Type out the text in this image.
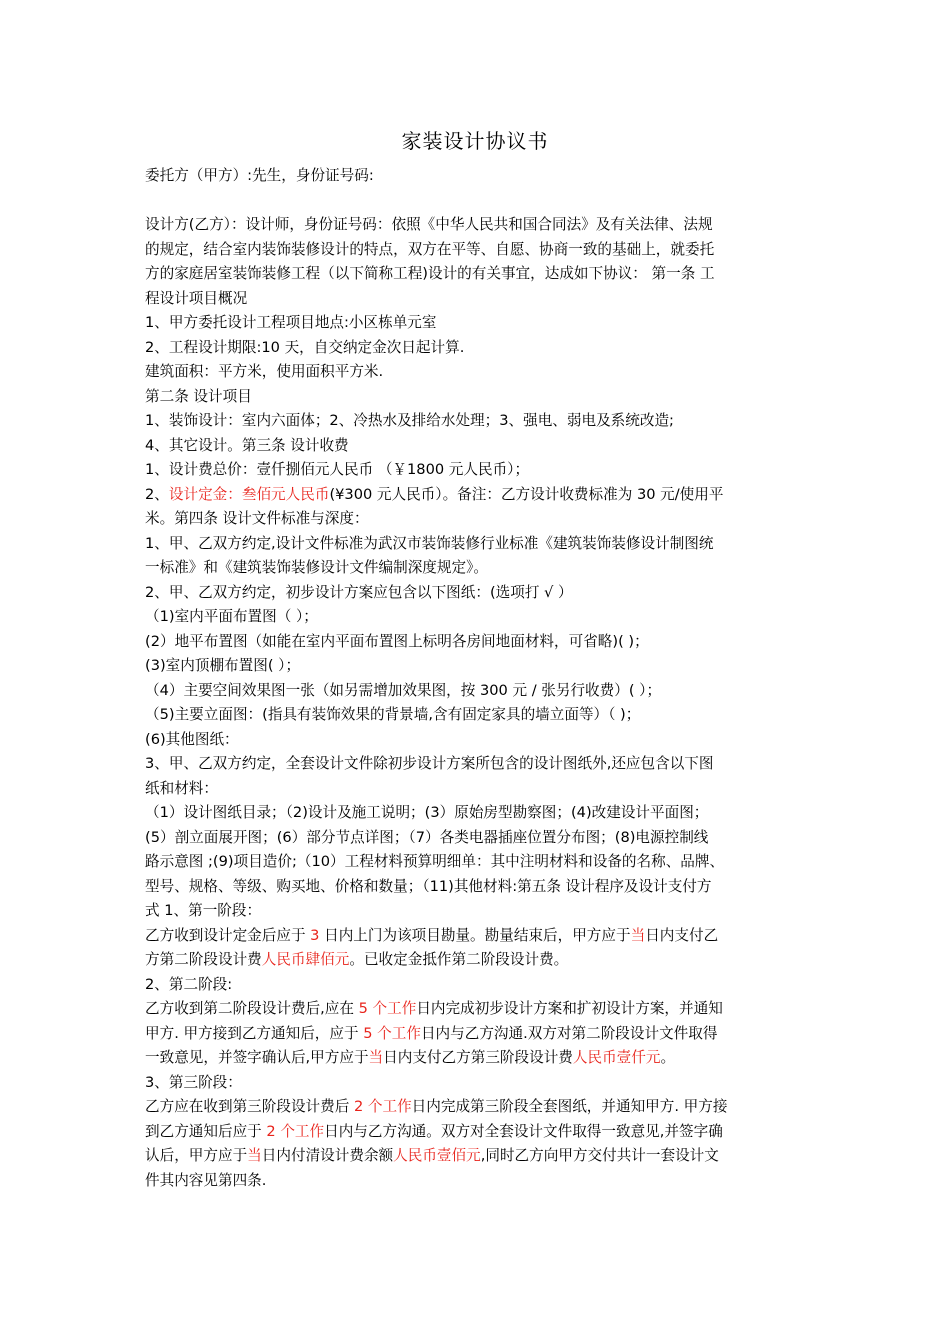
家装设计协议书
委托方（甲方）:先生，身份证号码:
设计方(乙方）：设计师，身份证号码：依照《中华人民共和国合同法》及有关法律、法规
的规定，结合室内装饰装修设计的特点，双方在平等、自愿、协商一致的基础上，就委托
方的家庭居室装饰装修工程（以下简称工程)设计的有关事宜，达成如下协议： 第一条 工
程设计项目概况
1、甲方委托设计工程项目地点:小区栋单元室
2、工程设计期限:10 天，自交纳定金次日起计算.
建筑面积：平方米，使用面积平方米.
第二条 设计项目
1、装饰设计：室内六面体；2、冷热水及排给水处理；3、强电、弱电及系统改造;
4、其它设计。第三条 设计收费
1、设计费总价：壹仟捌佰元人民币 （￥1800 元人民币）；
2、设计定金：叁佰元人民币(¥300 元人民币）。备注：乙方设计收费标准为 30 元/使用平
米。第四条 设计文件标准与深度：
1、甲、乙双方约定,设计文件标准为武汉市装饰装修行业标准《建筑装饰装修设计制图统
一标准》和《建筑装饰装修设计文件编制深度规定》。
2、甲、乙双方约定，初步设计方案应包含以下图纸：(选项打 √ ）
（1)室内平面布置图（ ）；
(2）地平布置图（如能在室内平面布置图上标明各房间地面材料，可省略)( )；
(3)室内顶棚布置图( ）；
（4）主要空间效果图一张（如另需增加效果图，按 300 元 / 张另行收费）( ）；
（5)主要立面图：(指具有装饰效果的背景墙,含有固定家具的墙立面等）（ )；
(6)其他图纸：
3、甲、乙双方约定，全套设计文件除初步设计方案所包含的设计图纸外,还应包含以下图
纸和材料：
（1）设计图纸目录；（2)设计及施工说明；(3）原始房型勘察图；(4)改建设计平面图；
(5）剖立面展开图；(6）部分节点详图；（7）各类电器插座位置分布图；(8)电源控制线
路示意图 ;(9)项目造价;（10）工程材料预算明细单：其中注明材料和设备的名称、品牌、
型号、规格、等级、购买地、价格和数量；（11)其他材料:第五条 设计程序及设计支付方
式 1、第一阶段：
乙方收到设计定金后应于 3 日内上门为该项目勘量。勘量结束后，甲方应于当日内支付乙
方第二阶段设计费人民币肆佰元。已收定金抵作第二阶段设计费。
2、第二阶段:
乙方收到第二阶段设计费后,应在 5 个工作日内完成初步设计方案和扩初设计方案，并通知
甲方. 甲方接到乙方通知后，应于 5 个工作日内与乙方沟通.双方对第二阶段设计文件取得
一致意见，并签字确认后,甲方应于当日内支付乙方第三阶段设计费人民币壹仟元。
3、第三阶段：
乙方应在收到第三阶段设计费后 2 个工作日内完成第三阶段全套图纸，并通知甲方. 甲方接
到乙方通知后应于 2 个工作日内与乙方沟通。双方对全套设计文件取得一致意见,并签字确
认后，甲方应于当日内付清设计费余额人民币壹佰元,同时乙方向甲方交付共计一套设计文
件其内容见第四条.
